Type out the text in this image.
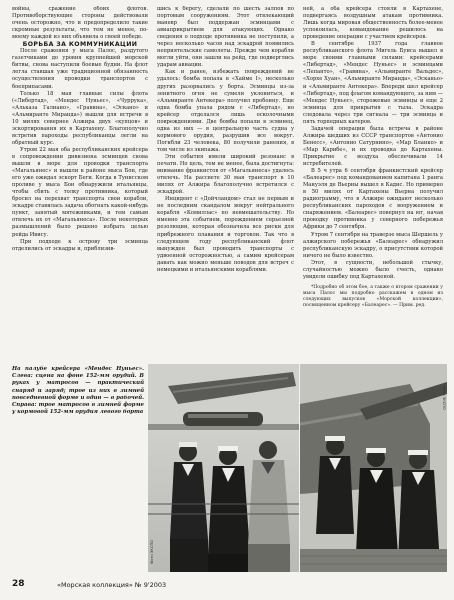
войны, сражение обоих флотов. Противоборствующие стороны действовали очень осторожно, что и предопределило такие скромные результаты, что тем не менее, по-моему каждой из них объявила о своей победе.

БОРЬБА ЗА КОММУНИКАЦИИ

После сражения у мыса Палос, раздутого газетчиками до уровня крупнейшей морской битвы, снова наступили боевые будни. На флот легла ставшая уже традиционной обязанность осуществления проводки транспортов с боеприпасами.

Только 18 мая главные силы флота («Либертад», «Мендес Нуньес», «Чуррука», «Альказа Галиано», «Гравина», «Эскано» и «Альмиранте Миранда») вышли для встречи в 10 милях севернее Алжира двух «купцов» и эскортирования их в Картахену. Благополучно встретив пароходы республиканцы легли на обратный курс.

Утром 22 мая оба республиканских крейсера в сопровождении дивизиона эсминцев снова вышли в море для проводки транспорта «Магальянес» и вышли в районе мыса Бон, где его уже ожидал эскорт Беги. Когда в Тунисском проливе у мыса Бон обнаружили итальянцы, чтобы сбить с толку противника, который бросил на перехват транспорта свои корабли, эскадре ставилась задача обогнать какой-нибудь пункт, занятый мятежниками, и тем самым отвлечь их от «Магальянеса». После некоторых размышлений было решено избрать целью рейда Ивису.

При подходе к острову три эсминца отделились от эскадры и, приблизив-

шись к берегу, сделали по шесть залпов по портовым сооружениям. Этот отвлекающий маневр был поддержан эсминцами с авиаприкрытием для атакующих. Однако сведения о подходе противника не поступили, а через несколько часов над эскадрой появились неприятельские самолеты. Прежде чем корабли могли уйти, они зашли на рейд, где подверглись ударам авиации.

Как и ранее, избежать повреждений не удалось: бомба попала в «Хайме I», несколько других разорвались у борта. Эсминцы из-за зенитного огня не сумели уклониться, и «Альмиранте Антекера» получил пробоину. Еще одна бомба упала рядом с «Либертад», но крейсер отделался лишь осколочными повреждениями. Две бомбы попали в эсминец, одна из них — в центральную часть судна у кормового орудия, разрушив все вокруг. Погибли 23 человека, 80 получили ранения, в том числе из экипажа.

Эти события имели широкий резонанс в печати. Но цель, тем не менее, была достигнута: внимание франкистов от «Магальянеса» удалось отвлечь. На рассвете 30 мая транспорт в 10 милях от Алжира благополучно встретился с эскадрой.

Инцидент с «Дойчландом» стал не первым и не последним скандалом вокруг нейтрального корабля «Комиллас» по невмешательству. Но именно эта событием, порождением серьезной резолюции, которая обозначила все риски для прибрежного плавания и торговли. Так что в следующем году республиканский флот вынужден был проводить транспорты с удвоенной осторожностью, а самим крейсерам давать как можно меньше поводов для встреч с немецкими и итальянскими кораблями.

ней, а оба крейсера стояли в Картахене, подвергаясь воздушным атакам противника. Лишь когда мировая общественность более-менее успокоилась, командование решилось на проведение операции с участием крейсеров.

В сентябре 1937 года главное республиканского флота Мигель Буиса вышел в море своими главными силами: крейсерами «Либертад», «Мендес Нуньес» и эсминцами «Лепанто», «Гравина», «Альмиранте Вальдес», «Хорхе Хуан», «Альмиранте Миранда», «Эсканьо» и «Альмиранте Антекера». Впереди шел крейсер «Либертад», под флагом командующего, за ним — «Мендес Нуньес», сторожевые эсминцы и еще 2 эсминца для прикрытия с тыла. Эскадра следовала через три сигнала — три эсминца и пять торпедных катеров.

Задачей операции была встреча в районе Алжира шедших из СССР транспортов «Антонио Бенесс», «Антонио Сатурнино», «Мар Бланко» и «Мар Карибе», и их проводка до Картахены. Прикрытие с воздуха обеспечивали 14 истребителей.

В 5 ч утра 6 сентября франкистский крейсер «Балеарес» под командованием капитана 1 ранга Мануэля де Вьерны вышел в Кадис. Но примерно в 50 милях от Картахены Вьерна получил радиограмму, что в Алжире ожидают несколько республиканских пароходов с вооружением и снаряжением. «Балеарес» повернул на юг, начав проводку противника у северного побережья Африки до 7 сентября.

Утром 7 сентября на траверзе мыса Шершель у алжирского побережья «Балеарес» обнаружил республиканскую эскадру, о присутствии которой ничего не было известно.

Этот, в сущности, небольшой стычку, случайностью можно было счесть, однако увидели ошибку под Картахеной.

*Подробно об этом бое, а также о втором сражении у мыса Палос мы подробно расскажем в одном из следующих выпусков «Морской коллекции», посвященном крейсеру «Балеарес». — Прим. ред.

На палубе крейсера «Мендес Нуньес». Слева: сцена на фоне 152-мм орудий. В руках у матросов — практический снаряд и заряд; трое из них в зимней повседневной форме и один — в рабочей. Справа: трое матросов в зимней форме у кормовой 152-мм орудия левого борта
Фото ЭКСПО
Фото ЭКСПО
28	«Морская коллекция» № 9'2003
